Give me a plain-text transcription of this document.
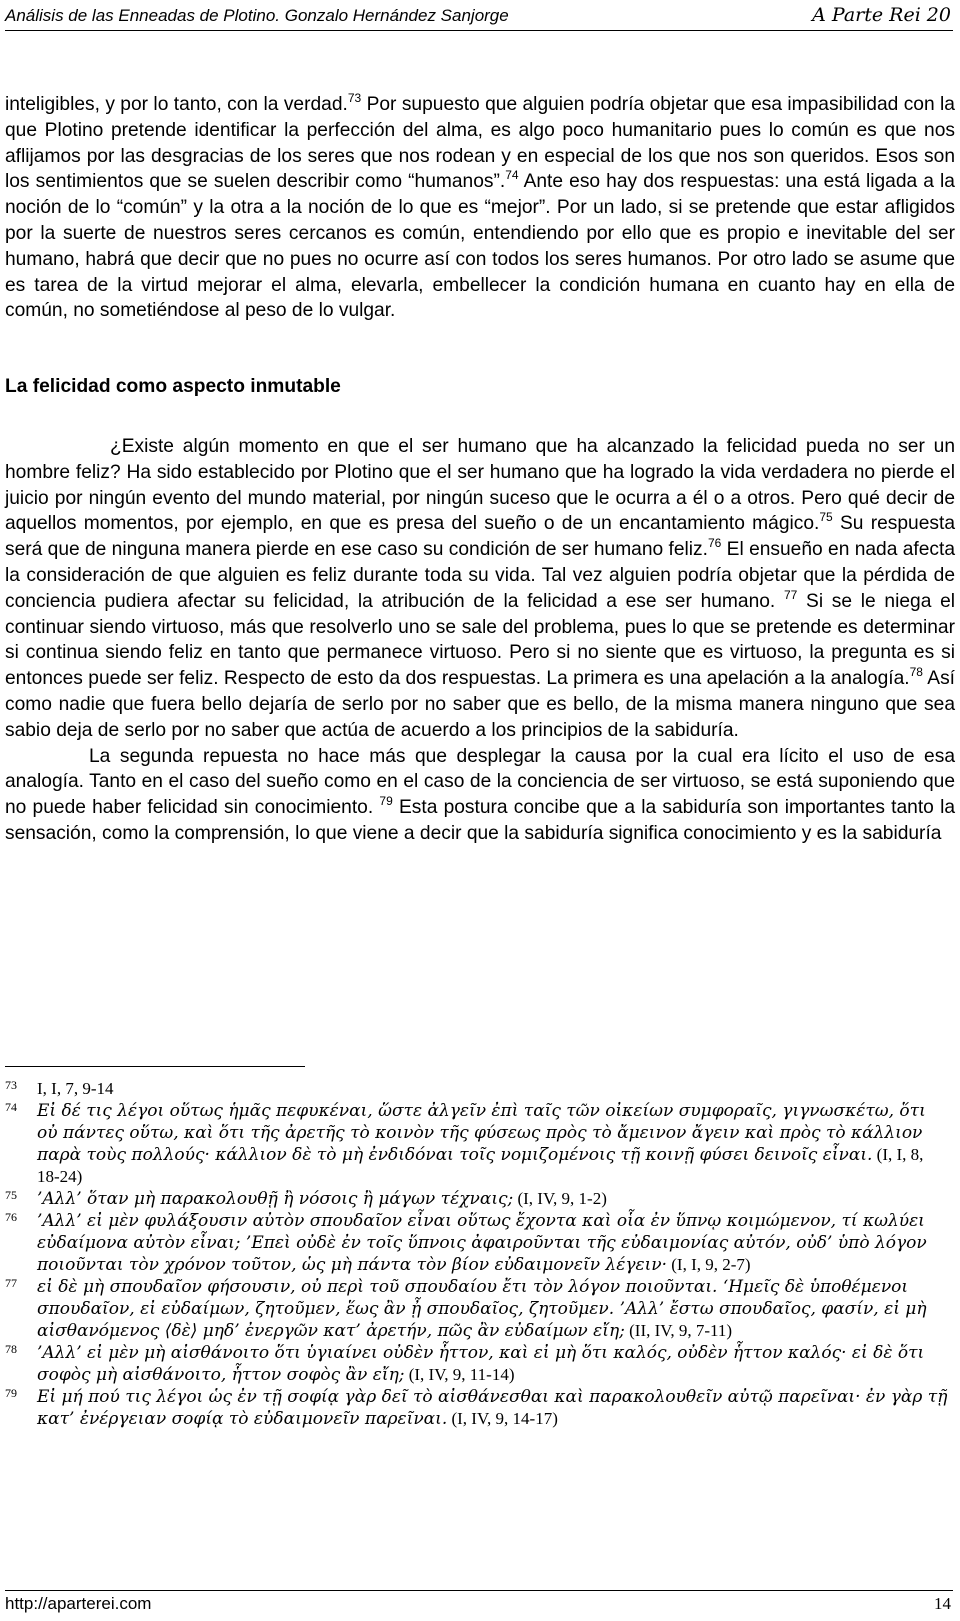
Análisis de las Enneadas de Plotino. Gonzalo Hernández Sanjorge	A Parte Rei 20

inteligibles, y por lo tanto, con la verdad.$^{73}$ Por supuesto que alguien podría objetar que esa impasibilidad con la que Plotino pretende identificar la perfección del alma, es algo poco humanitario pues lo común es que nos aflijamos por las desgracias de los seres que nos rodean y en especial de los que nos son queridos. Esos son los sentimientos que se suelen describir como “humanos”.$^{74}$ Ante eso hay dos respuestas: una está ligada a la noción de lo “común” y la otra a la noción de lo que es “mejor”. Por un lado, si se pretende que estar afligidos por la suerte de nuestros seres cercanos es común, entendiendo por ello que es propio e inevitable del ser humano, habrá que decir que no pues no ocurre así con todos los seres humanos. Por otro lado se asume que es tarea de la virtud mejorar el alma, elevarla, embellecer la condición humana en cuanto hay en ella de común, no sometiéndose al peso de lo vulgar.

La felicidad como aspecto inmutable

¿Existe algún momento en que el ser humano que ha alcanzado la felicidad pueda no ser un hombre feliz? Ha sido establecido por Plotino que el ser humano que ha logrado la vida verdadera no pierde el juicio por ningún evento del mundo material, por ningún suceso que le ocurra a él o a otros. Pero qué decir de aquellos momentos, por ejemplo, en que es presa del sueño o de un encantamiento mágico.$^{75}$ Su respuesta será que de ninguna manera pierde en ese caso su condición de ser humano feliz.$^{76}$ El ensueño en nada afecta la consideración de que alguien es feliz durante toda su vida. Tal vez alguien podría objetar que la pérdida de conciencia pudiera afectar su felicidad, la atribución de la felicidad a ese ser humano. $^{77}$ Si se le niega el continuar siendo virtuoso, más que resolverlo uno se sale del problema, pues lo que se pretende es determinar si continua siendo feliz en tanto que permanece virtuoso. Pero si no siente que es virtuoso, la pregunta es si entonces puede ser feliz. Respecto de esto da dos respuestas. La primera es una apelación a la analogía.$^{78}$ Así como nadie que fuera bello dejaría de serlo por no saber que es bello, de la misma manera ninguno que sea sabio deja de serlo por no saber que actúa de acuerdo a los principios de la sabiduría.

La segunda repuesta no hace más que desplegar la causa por la cual era lícito el uso de esa analogía. Tanto en el caso del sueño como en el caso de la conciencia de ser virtuoso, se está suponiendo que no puede haber felicidad sin conocimiento. $^{79}$ Esta postura concibe que a la sabiduría son importantes tanto la sensación, como la comprensión, lo que viene a decir que la sabiduría significa conocimiento y es la sabiduría

73 I, I, 7, 9-14
74 Εἰ δέ τις λέγοι οὕτως ἡμᾶς πεφυκέναι, ὥστε ἀλγεῖν ἐπὶ ταῖς τῶν οἰκείων συμφοραῖς, γιγνωσκέτω, ὅτι οὐ πάντες οὕτω, καὶ ὅτι τῆς ἀρετῆς τὸ κοινὸν τῆς φύσεως πρὸς τὸ ἄμεινον ἄγειν καὶ πρὸς τὸ κάλλιον παρὰ τοὺς πολλούς· κάλλιον δὲ τὸ μὴ ἐνδιδόναι τοῖς νομιζομένοις τῇ κοινῇ φύσει δεινοῖς εἶναι. (I, I, 8, 18-24)
75 ’Αλλ’ ὅταν μὴ παρακολουθῇ ἢ νόσοις ἢ μάγων τέχναις; (I, IV, 9, 1-2)
76 ’Αλλ’ εἰ μὲν φυλάξουσιν αὐτὸν σπουδαῖον εἶναι οὕτως ἔχοντα καὶ οἷα ἐν ὕπνῳ κοιμώμενον, τί κωλύει εὐδαίμονα αὐτὸν εἶναι; ’Επεὶ οὐδὲ ἐν τοῖς ὕπνοις ἀφαιροῦνται τῆς εὐδαιμονίας αὐτόν, οὐδ’ ὑπὸ λόγον ποιοῦνται τὸν χρόνον τοῦτον, ὡς μὴ πάντα τὸν βίον εὐδαιμονεῖν λέγειν· (I, I, 9, 2-7)
77 εἰ δὲ μὴ σπουδαῖον φήσουσιν, οὐ περὶ τοῦ σπουδαίου ἔτι τὸν λόγον ποιοῦνται. ‘Ημεῖς δὲ ὑποθέμενοι σπουδαῖον, εἰ εὐδαίμων, ζητοῦμεν, ἕως ἂν ᾖ σπουδαῖος, ζητοῦμεν. ’Αλλ’ ἔστω σπουδαῖος, φασίν, εἰ μὴ αἰσθανόμενος ⟨δὲ⟩ μηδ’ ἐνεργῶν κατ’ ἀρετήν, πῶς ἂν εὐδαίμων εἴη; (II, IV, 9, 7-11)
78 ’Αλλ’ εἰ μὲν μὴ αἰσθάνοιτο ὅτι ὑγιαίνει οὐδὲν ἧττον, καὶ εἰ μὴ ὅτι καλός, οὐδὲν ἧττον καλός· εἰ δὲ ὅτι σοφὸς μὴ αἰσθάνοιτο, ἧττον σοφὸς ἂν εἴη; (I, IV, 9, 11-14)
79 Εἰ μή πού τις λέγοι ὡς ἐν τῇ σοφίᾳ γὰρ δεῖ τὸ αἰσθάνεσθαι καὶ παρακολουθεῖν αὐτῷ παρεῖναι· ἐν γὰρ τῇ κατ’ ἐνέργειαν σοφίᾳ τὸ εὐδαιμονεῖν παρεῖναι. (I, IV, 9, 14-17)
http://aparterei.com	14
